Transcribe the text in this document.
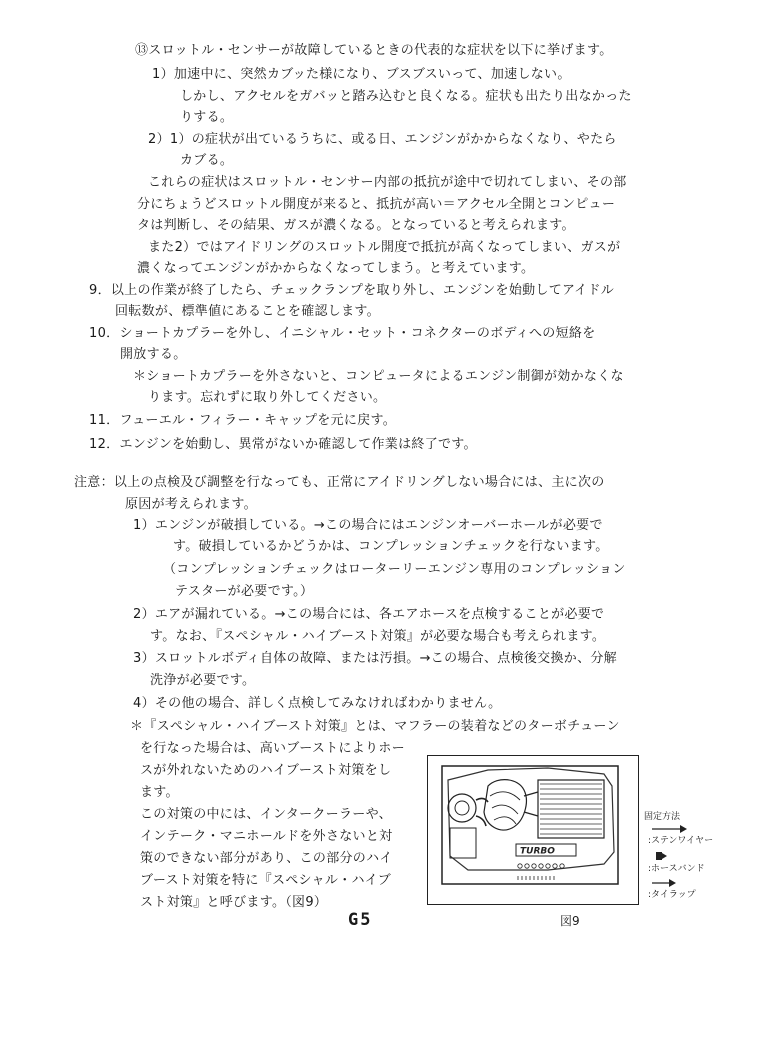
⑬スロットル・センサーが故障しているときの代表的な症状を以下に挙げます。
1）加速中に、突然カブッた様になり、ブスブスいって、加速しない。
しかし、アクセルをガバッと踏み込むと良くなる。症状も出たり出なかった
りする。
2）1）の症状が出ているうちに、或る日、エンジンがかからなくなり、やたら
カブる。
これらの症状はスロットル・センサー内部の抵抗が途中で切れてしまい、その部
分にちょうどスロットル開度が来ると、抵抗が高い＝アクセル全開とコンピュー
タは判断し、その結果、ガスが濃くなる。となっていると考えられます。
また2）ではアイドリングのスロットル開度で抵抗が高くなってしまい、ガスが
濃くなってエンジンがかからなくなってしまう。と考えています。
9．以上の作業が終了したら、チェックランプを取り外し、エンジンを始動してアイドル
回転数が、標準値にあることを確認します。
10．ショートカプラーを外し、イニシャル・セット・コネクターのボディへの短絡を
開放する。
＊ショートカプラーを外さないと、コンピュータによるエンジン制御が効かなくな
ります。忘れずに取り外してください。
11．フューエル・フィラー・キャップを元に戻す。
12．エンジンを始動し、異常がないか確認して作業は終了です。
注意：以上の点検及び調整を行なっても、正常にアイドリングしない場合には、主に次の
原因が考えられます。
1）エンジンが破損している。→この場合にはエンジンオーバーホールが必要で
す。破損しているかどうかは、コンプレッションチェックを行ないます。
（コンプレッションチェックはローターリーエンジン専用のコンプレッション
テスターが必要です。）
2）エアが漏れている。→この場合には、各エアホースを点検することが必要で
す。なお、『スペシャル・ハイブースト対策』が必要な場合も考えられます。
3）スロットルボディ自体の故障、または汚損。→この場合、点検後交換か、分解
洗浄が必要です。
4）その他の場合、詳しく点検してみなければわかりません。
＊『スペシャル・ハイブースト対策』とは、マフラーの装着などのターボチューン
を行なった場合は、高いブーストによりホー
スが外れないためのハイブースト対策をし
ます。
この対策の中には、インタークーラーや、
インテーク・マニホールドを外さないと対
策のできない部分があり、この部分のハイ
ブースト対策を特に『スペシャル・ハイブ
スト対策』と呼びます。（図9）
TURBO
固定方法
:ステンワイヤー
:ホースバンド
:タイラップ
図9
G5
